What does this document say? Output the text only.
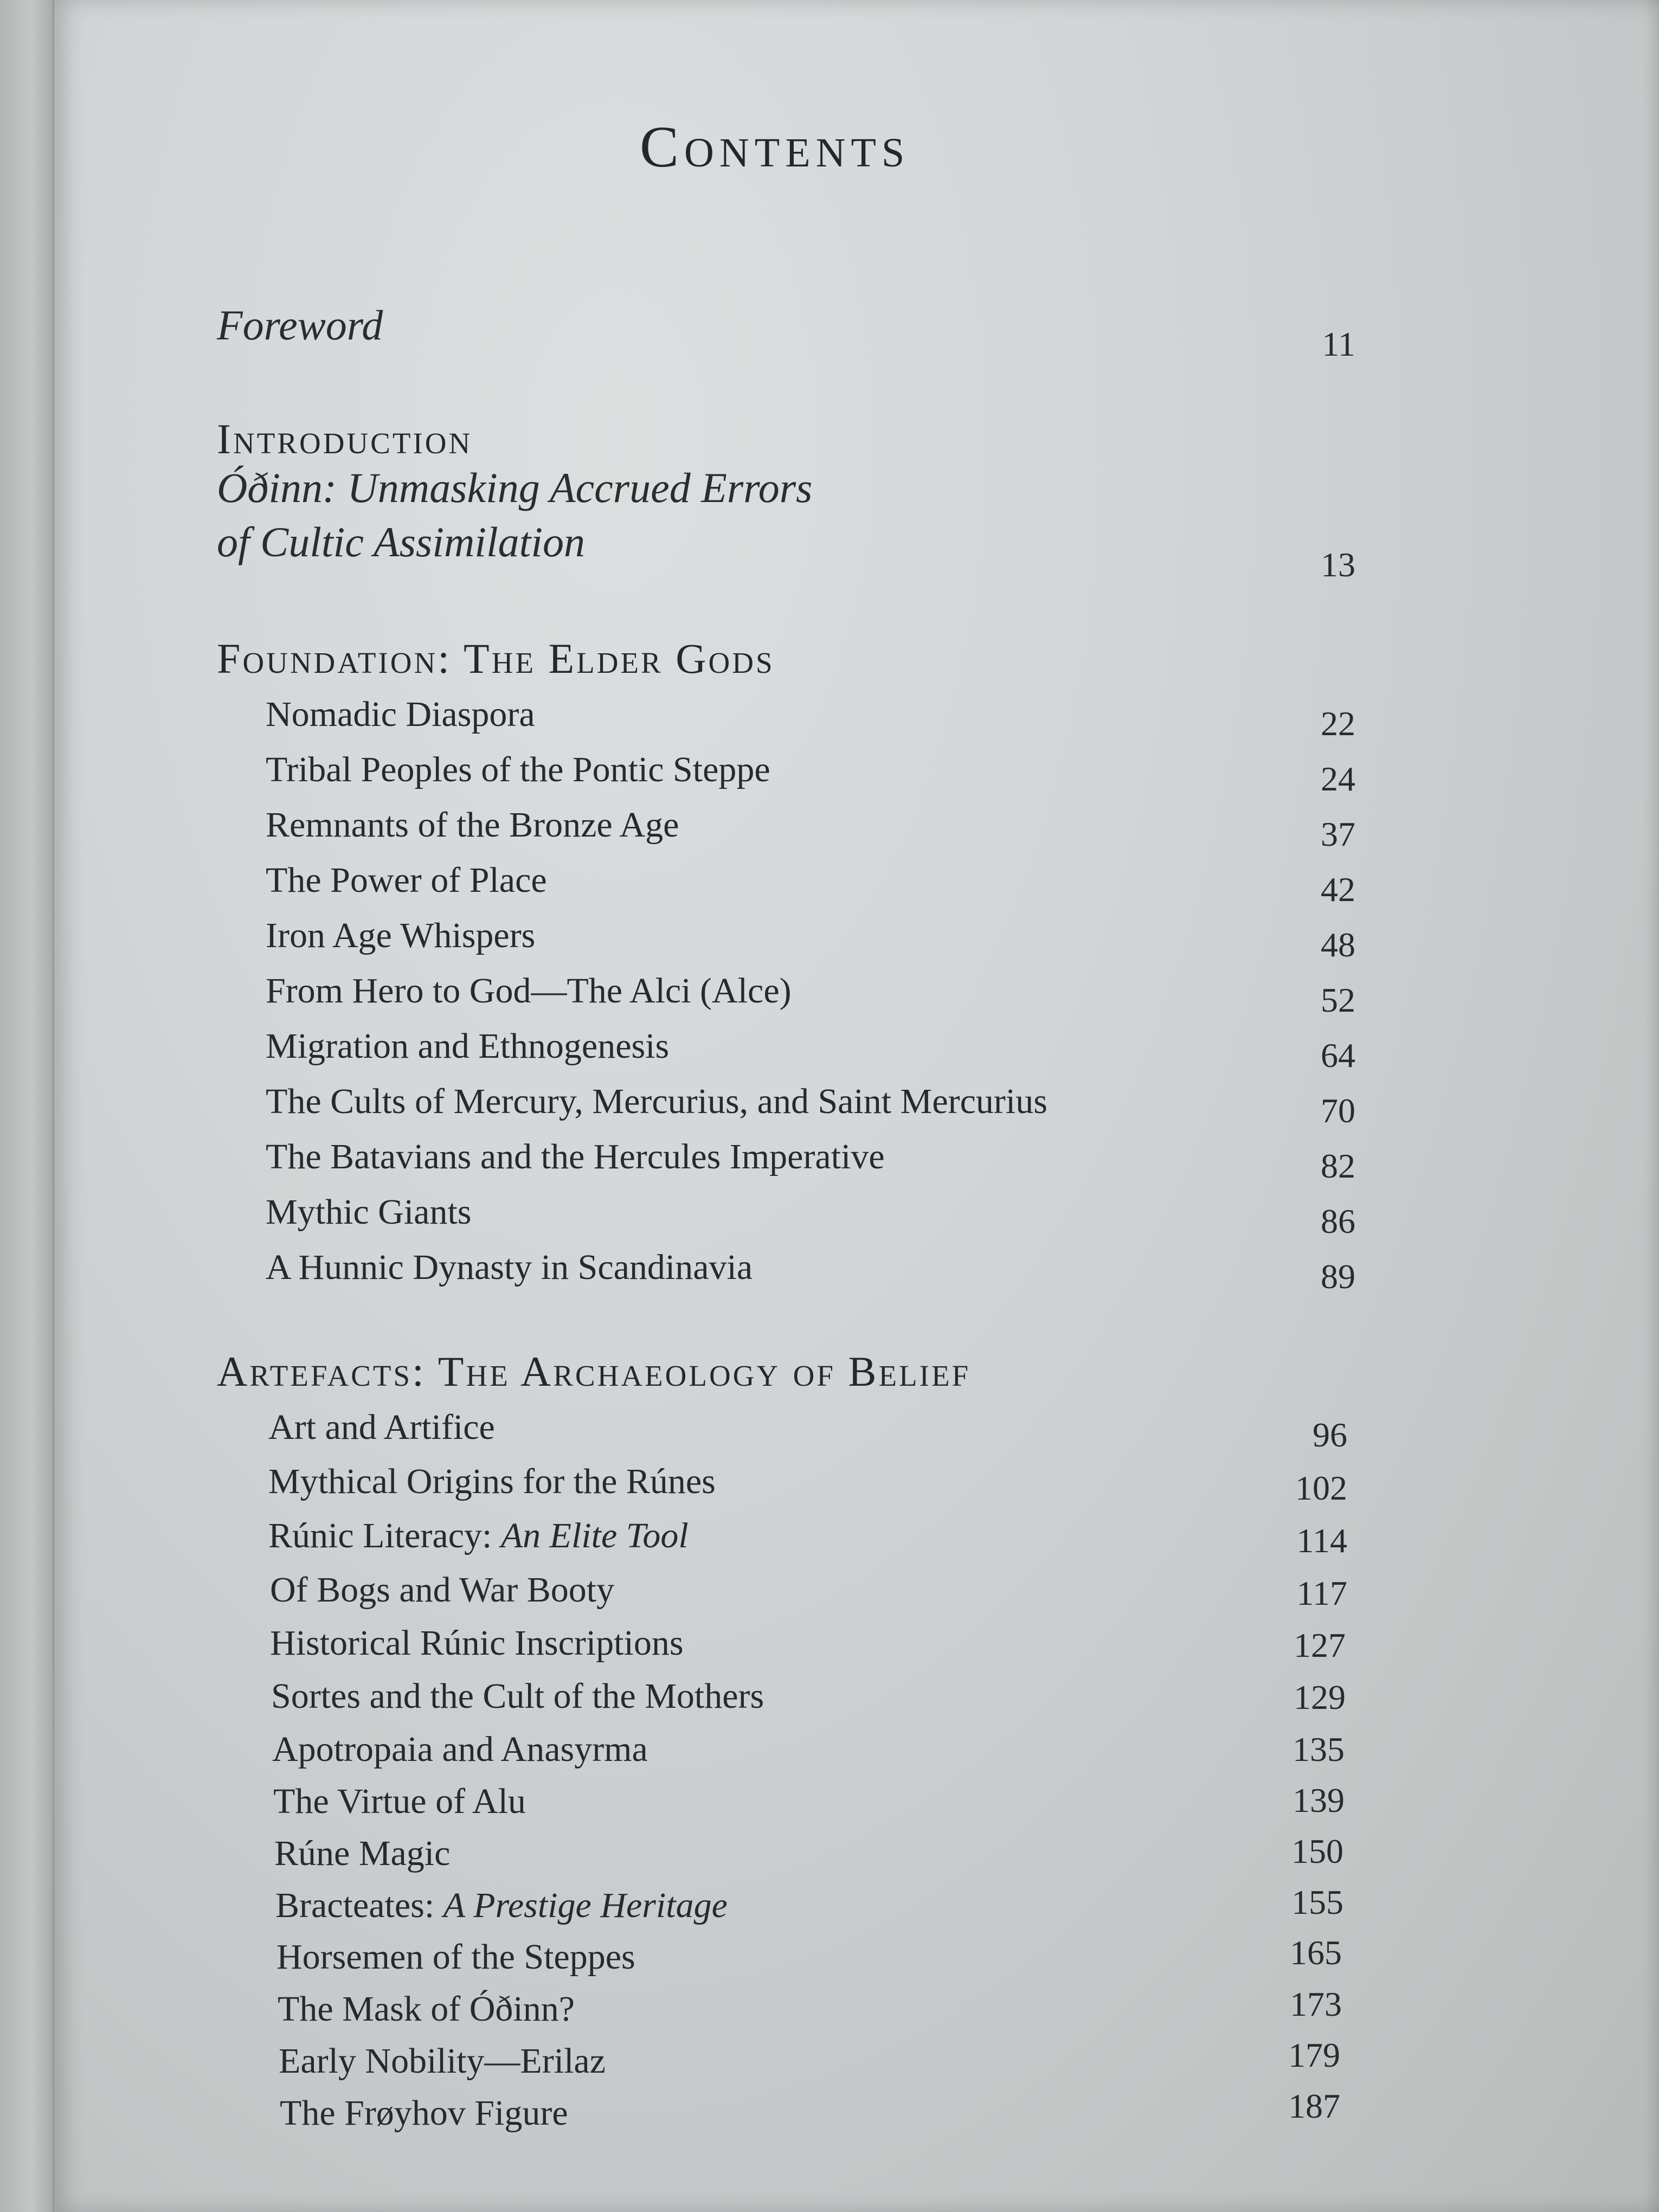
Contents
Foreword	11
Introduction
Óðinn: Unmasking Accrued Errors
of Cultic Assimilation	13
Foundation: The Elder Gods
Nomadic Diaspora	22
Tribal Peoples of the Pontic Steppe	24
Remnants of the Bronze Age	37
The Power of Place	42
Iron Age Whispers	48
From Hero to God—The Alci (Alce)	52
Migration and Ethnogenesis	64
The Cults of Mercury, Mercurius, and Saint Mercurius	70
The Batavians and the Hercules Imperative	82
Mythic Giants	86
A Hunnic Dynasty in Scandinavia	89
Artefacts: The Archaeology of Belief
Art and Artifice	96
Mythical Origins for the Rúnes	102
Rúnic Literacy: An Elite Tool	114
Of Bogs and War Booty	117
Historical Rúnic Inscriptions	127
Sortes and the Cult of the Mothers	129
Apotropaia and Anasyrma	135
The Virtue of Alu	139
Rúne Magic	150
Bracteates: A Prestige Heritage	155
Horsemen of the Steppes	165
The Mask of Óðinn?	173
Early Nobility—Erilaz	179
The Frøyhov Figure	187
